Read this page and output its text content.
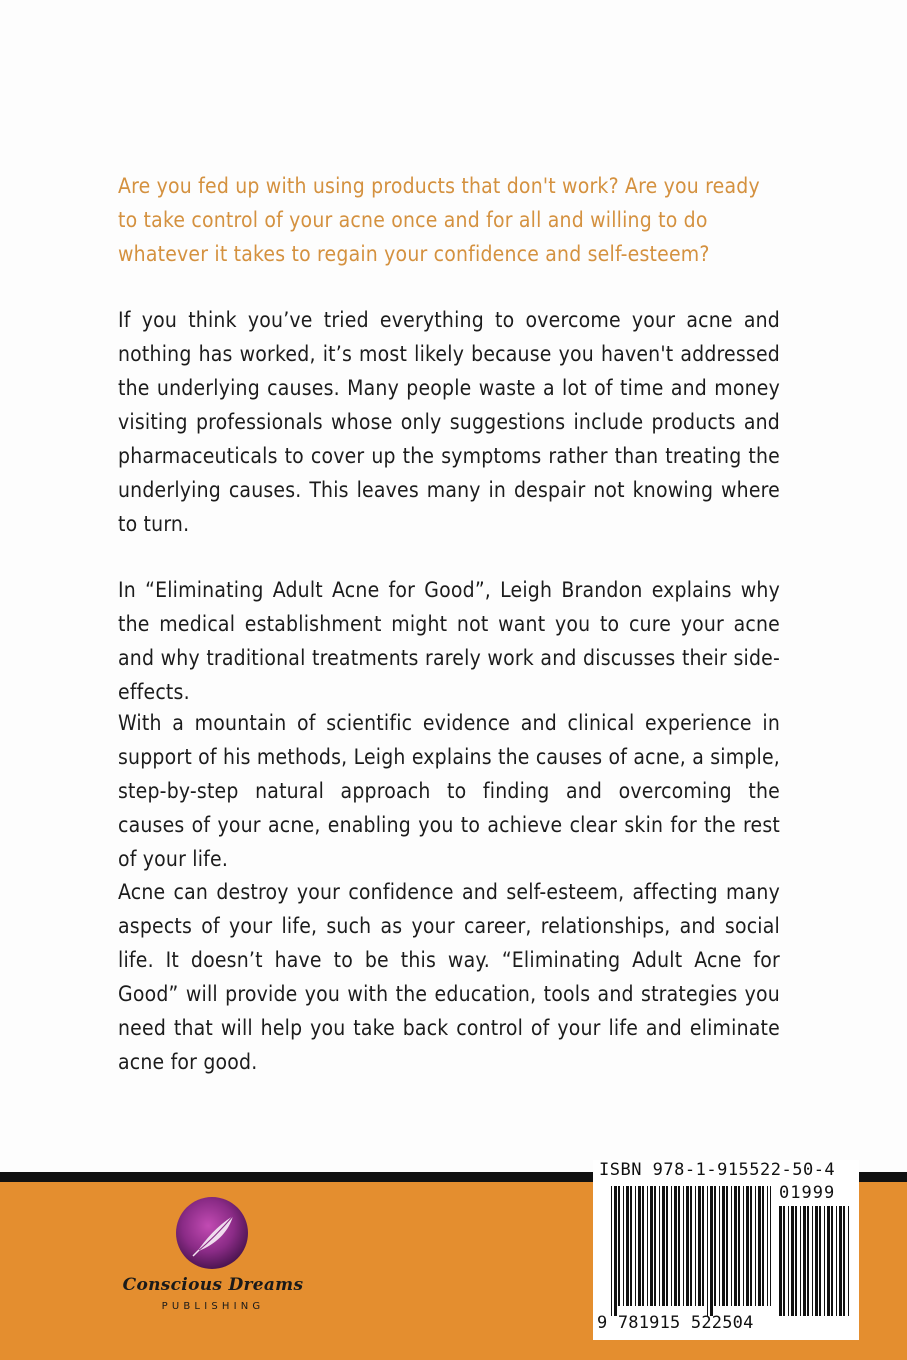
Are you fed up with using products that don't work? Are you ready to take control of your acne once and for all and willing to do whatever it takes to regain your confidence and self-esteem?

If you think you’ve tried everything to overcome your acne and nothing has worked, it’s most likely because you haven't addressed the underlying causes. Many people waste a lot of time and money visiting professionals whose only suggestions include products and pharmaceuticals to cover up the symptoms rather than treating the underlying causes. This leaves many in despair not knowing where to turn.

In “Eliminating Adult Acne for Good”, Leigh Brandon explains why the medical establishment might not want you to cure your acne and why traditional treatments rarely work and discusses their side-effects.

With a mountain of scientific evidence and clinical experience in support of his methods, Leigh explains the causes of acne, a simple, step-by-step natural approach to finding and overcoming the causes of your acne, enabling you to achieve clear skin for the rest of your life.

Acne can destroy your confidence and self-esteem, affecting many aspects of your life, such as your career, relationships, and social life. It doesn’t have to be this way. “Eliminating Adult Acne for Good” will provide you with the education, tools and strategies you need that will help you take back control of your life and eliminate acne for good.

Conscious Dreams

PUBLISHING

ISBN 978-1-915522-50-4

01999

9 781915 522504
